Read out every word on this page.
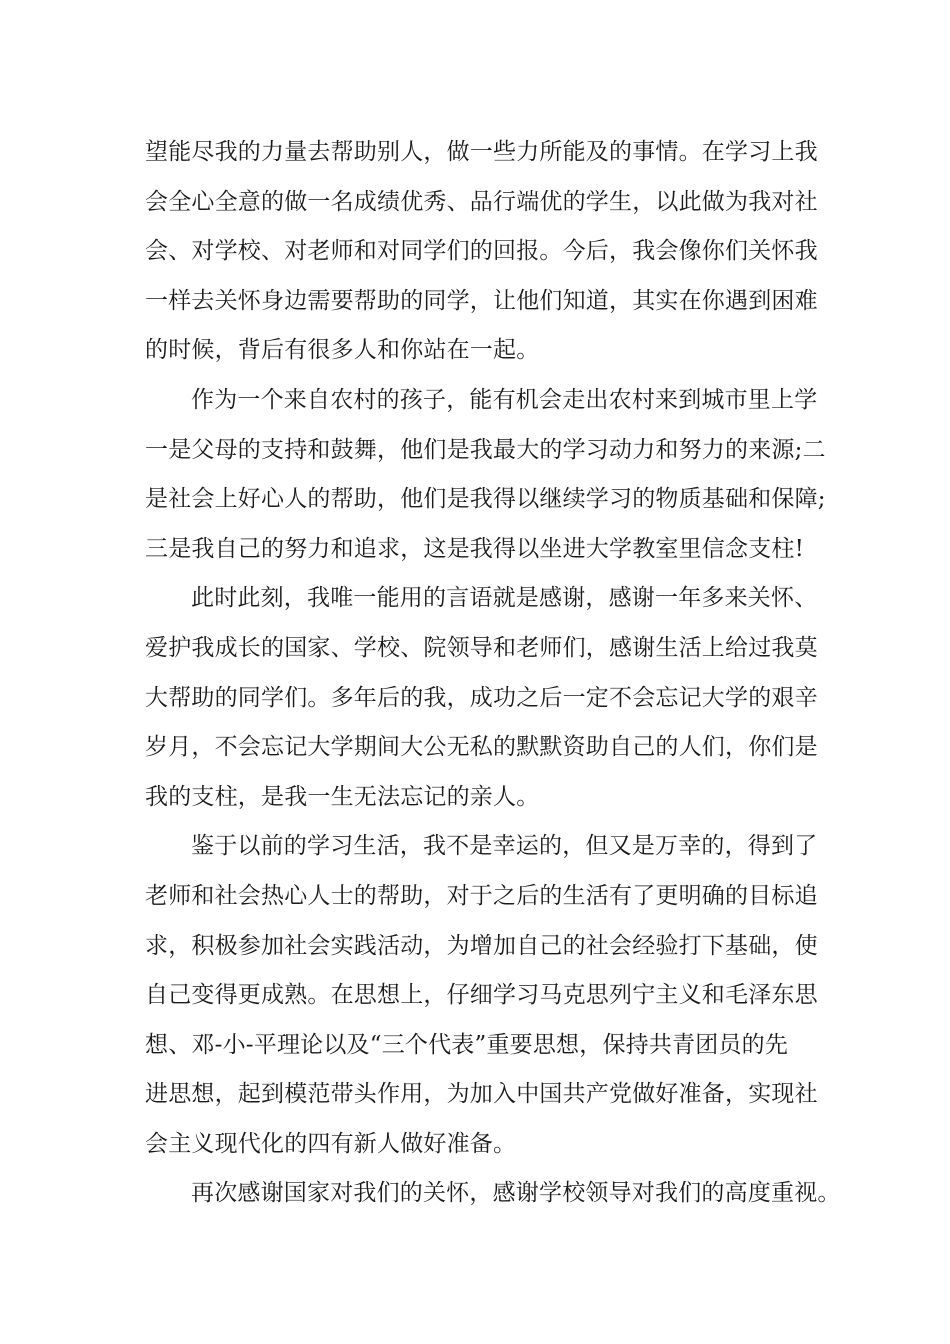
望能尽我的力量去帮助别人，做一些力所能及的事情。在学习上我
会全心全意的做一名成绩优秀、品行端优的学生，以此做为我对社
会、对学校、对老师和对同学们的回报。今后，我会像你们关怀我
一样去关怀身边需要帮助的同学，让他们知道，其实在你遇到困难
的时候，背后有很多人和你站在一起。
作为一个来自农村的孩子，能有机会走出农村来到城市里上学
一是父母的支持和鼓舞，他们是我最大的学习动力和努力的来源;二
是社会上好心人的帮助，他们是我得以继续学习的物质基础和保障;
三是我自己的努力和追求，这是我得以坐进大学教室里信念支柱!
此时此刻，我唯一能用的言语就是感谢，感谢一年多来关怀、
爱护我成长的国家、学校、院领导和老师们，感谢生活上给过我莫
大帮助的同学们。多年后的我，成功之后一定不会忘记大学的艰辛
岁月，不会忘记大学期间大公无私的默默资助自己的人们，你们是
我的支柱，是我一生无法忘记的亲人。
鉴于以前的学习生活，我不是幸运的，但又是万幸的，得到了
老师和社会热心人士的帮助，对于之后的生活有了更明确的目标追
求，积极参加社会实践活动，为增加自己的社会经验打下基础，使
自己变得更成熟。在思想上，仔细学习马克思列宁主义和毛泽东思
想、邓-小-平理论以及“三个代表”重要思想，保持共青团员的先
进思想，起到模范带头作用，为加入中国共产党做好准备，实现社
会主义现代化的四有新人做好准备。
再次感谢国家对我们的关怀，感谢学校领导对我们的高度重视。
